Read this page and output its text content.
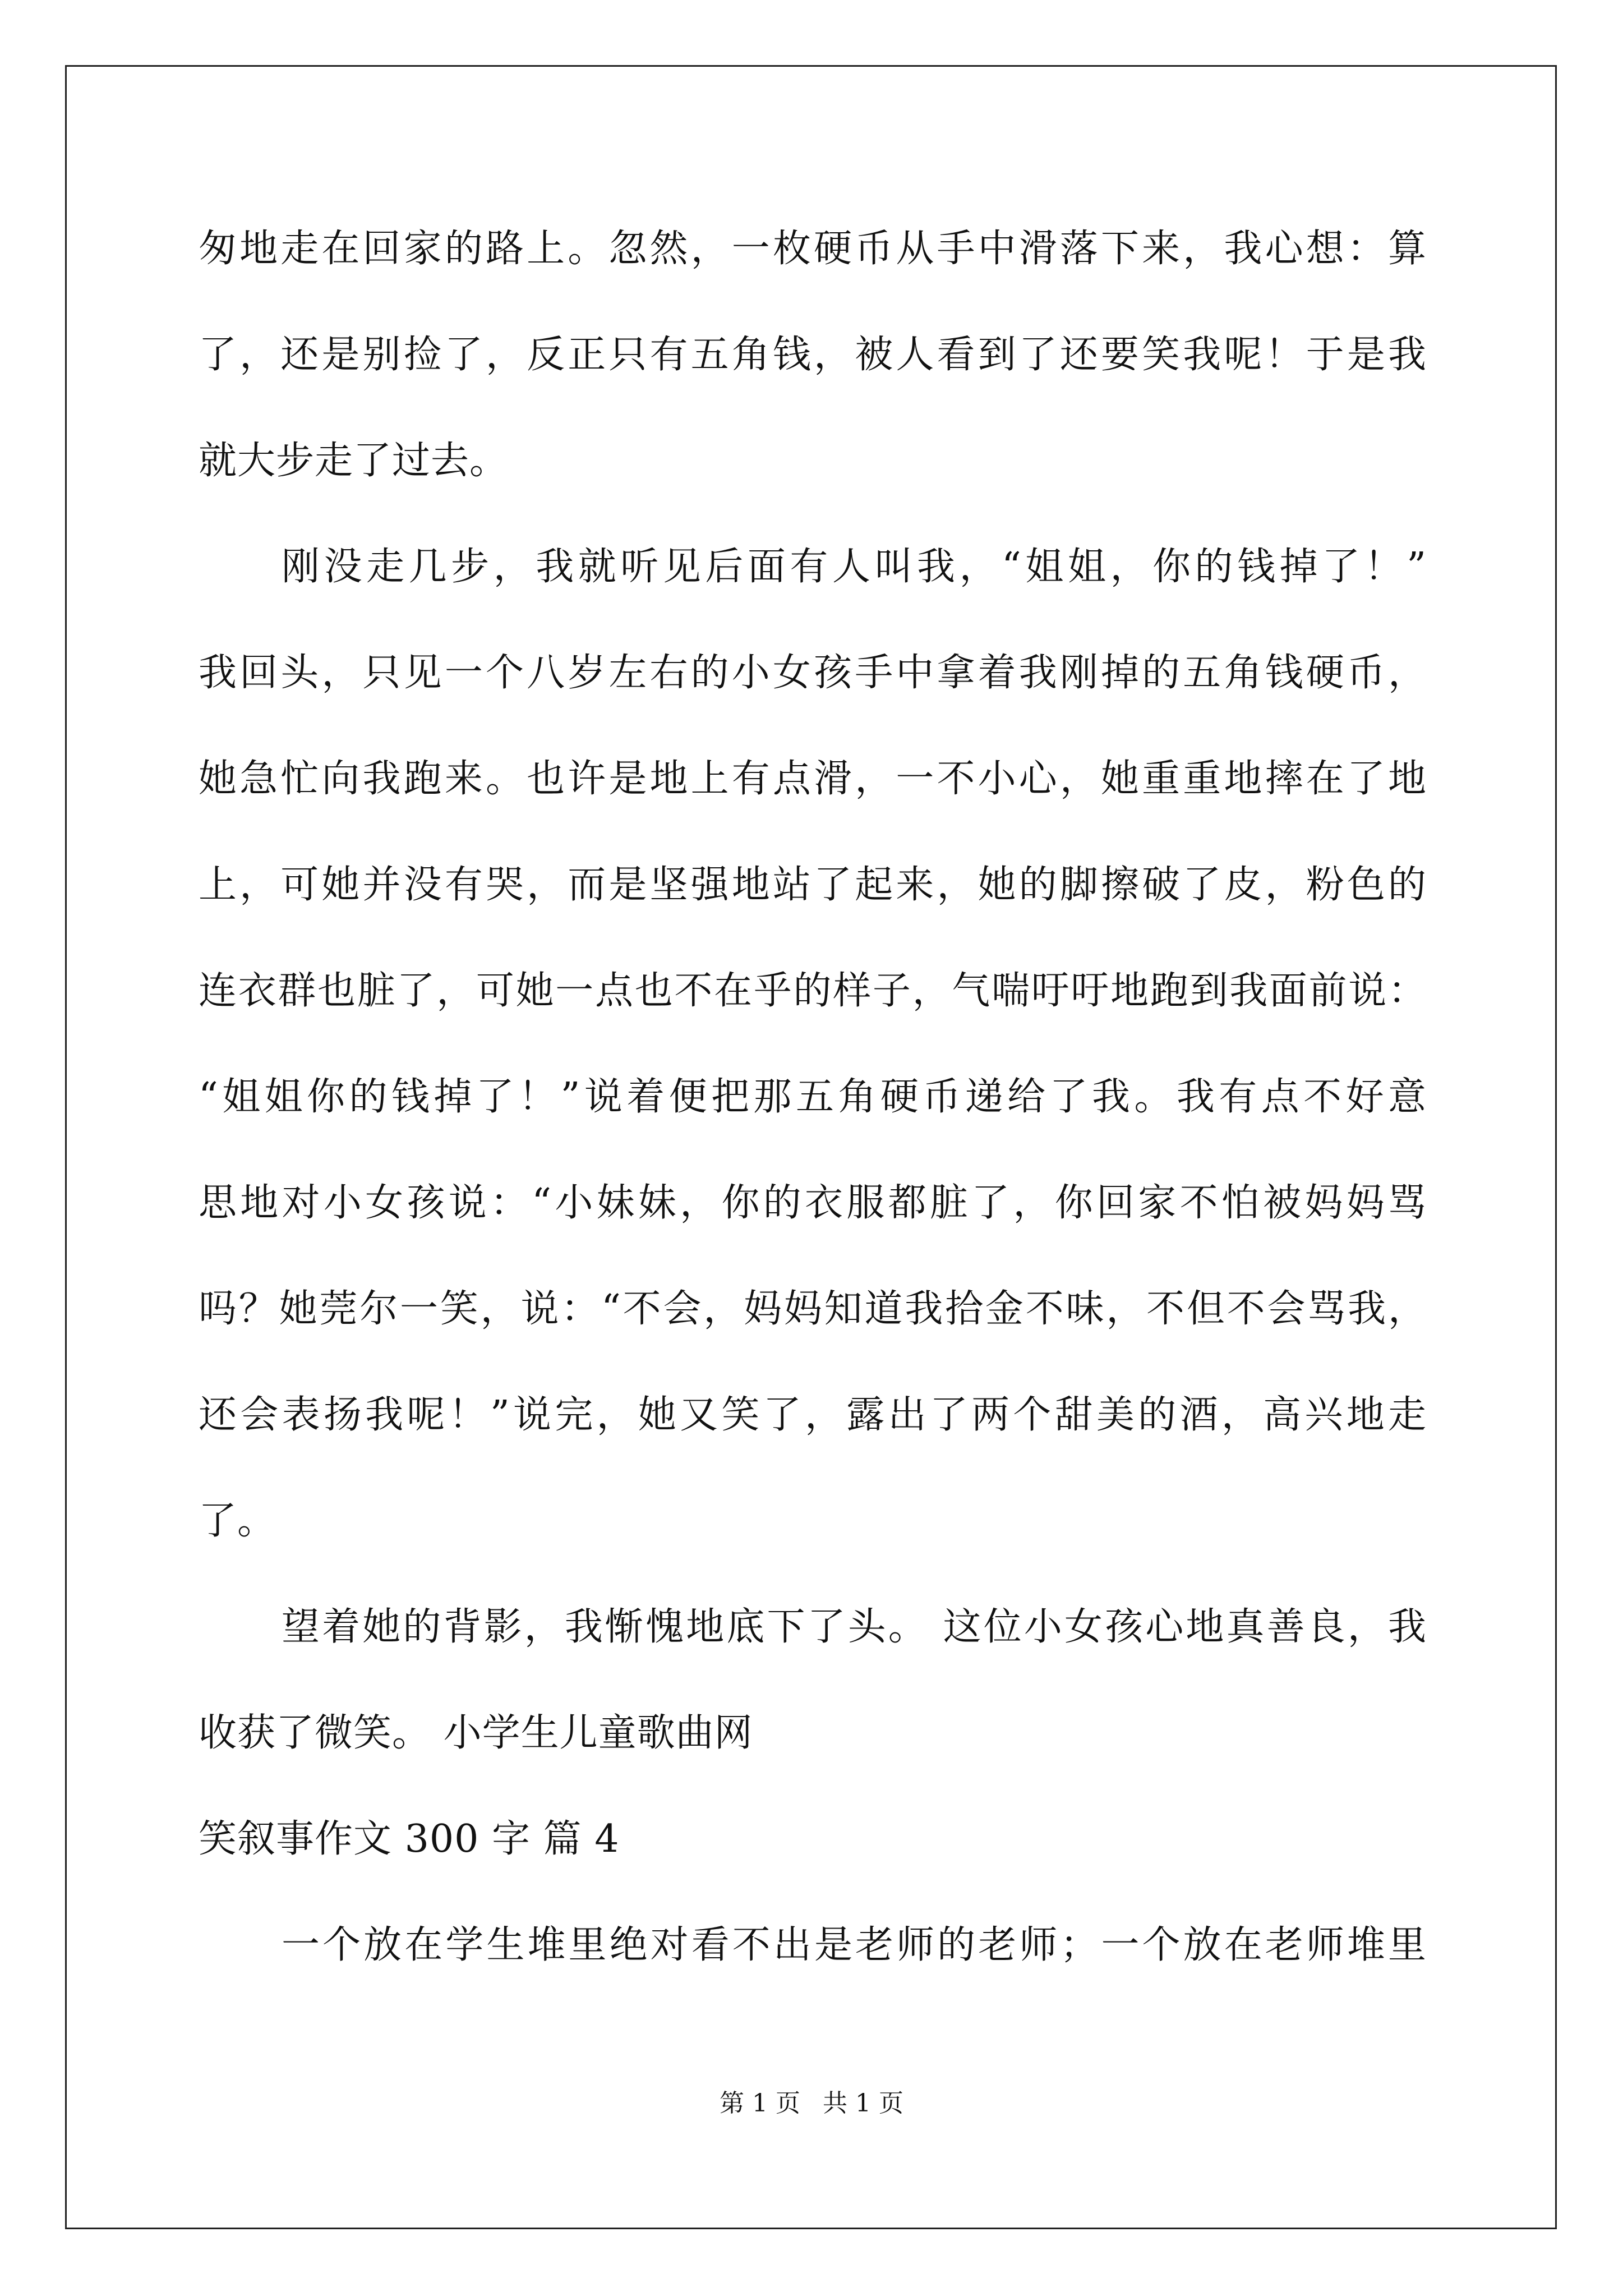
匆地走在回家的路上。忽然，一枚硬币从手中滑落下来，我心想：算
了，还是别捡了，反正只有五角钱，被人看到了还要笑我呢！于是我
就大步走了过去。
刚没走几步，我就听见后面有人叫我，“姐姐，你的钱掉了！”
我回头，只见一个八岁左右的小女孩手中拿着我刚掉的五角钱硬币，
她急忙向我跑来。也许是地上有点滑，一不小心，她重重地摔在了地
上，可她并没有哭，而是坚强地站了起来，她的脚擦破了皮，粉色的
连衣群也脏了，可她一点也不在乎的样子，气喘吁吁地跑到我面前说：
“姐姐你的钱掉了！”说着便把那五角硬币递给了我。我有点不好意
思地对小女孩说：“小妹妹，你的衣服都脏了，你回家不怕被妈妈骂
吗？她莞尔一笑，说：“不会，妈妈知道我拾金不味，不但不会骂我，
还会表扬我呢！”说完，她又笑了，露出了两个甜美的酒，高兴地走
了。
望着她的背影，我惭愧地底下了头。 这位小女孩心地真善良，我
收获了微笑。 小学生儿童歌曲网
笑叙事作文 300 字 篇 4
一个放在学生堆里绝对看不出是老师的老师；一个放在老师堆里
第 1 页 共 1 页
